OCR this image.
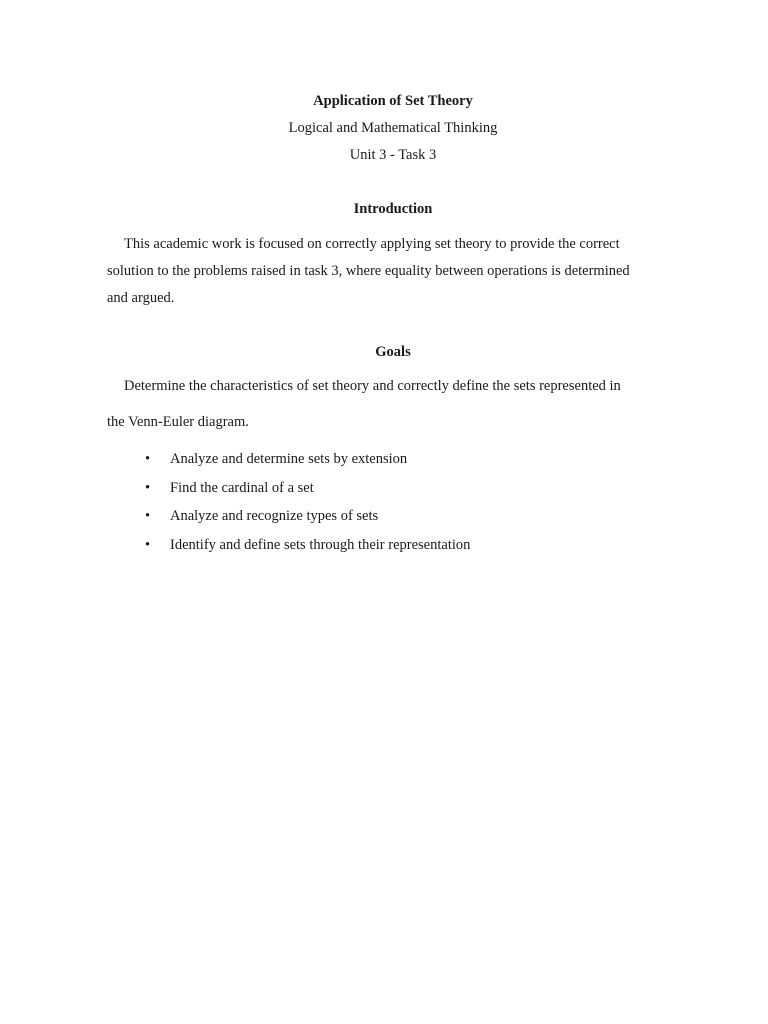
Application of Set Theory
Logical and Mathematical Thinking
Unit 3 - Task 3
Introduction
This academic work is focused on correctly applying set theory to provide the correct
solution to the problems raised in task 3, where equality between operations is determined
and argued.
Goals
Determine the characteristics of set theory and correctly define the sets represented in
the Venn-Euler diagram.
•	Analyze and determine sets by extension
•	Find the cardinal of a set
•	Analyze and recognize types of sets
•	Identify and define sets through their representation
